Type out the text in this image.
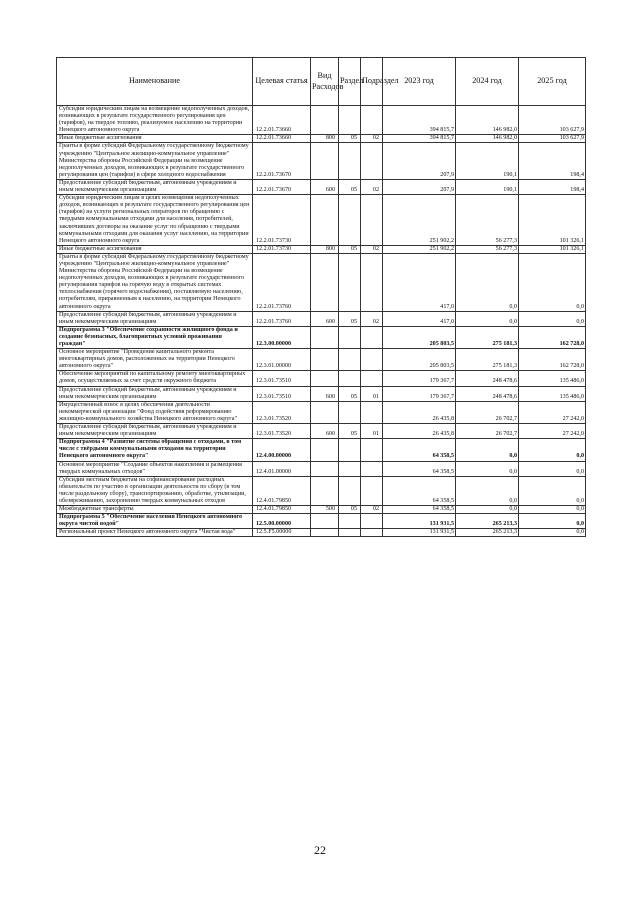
Наименование	Целевая статья	Вид Расходов	Раздел	Подраздел	2023 год	2024 год	2025 год
Субсидии юридическим лицам на возмещение недополученных доходов, возникающих в результате государственного регулирования цен (тарифов), на твердое топливо, реализуемое населению на территории Ненецкого автономного округа	12.2.01.73660				394 815,7	146 982,0	103 627,9
Иные бюджетные ассигнования	12.2.01.73660	800	05	02	394 815,7	146 982,0	103 627,9
Гранты в форме субсидий Федеральному государственному бюджетному учреждению "Центральное жилищно-коммунальное управление" Министерства обороны Российской Федерации на возмещение недополученных доходов, возникающих в результате государственного регулирования цен (тарифов) в сфере холодного водоснабжения	12.2.01.73670				207,9	190,1	198,4
Предоставление субсидий бюджетным, автономным учреждениям и иным некоммерческим организациям	12.2.01.73670	600	05	02	207,9	190,1	198,4
Субсидии юридическим лицам в целях возмещения недополученных доходов, возникающих в результате государственного регулирования цен (тарифов) на услуги региональных операторов по обращению с твердыми коммунальными отходами для населения, потребителей, заключивших договоры на оказание услуг по обращению с твердыми коммунальными отходами для оказания услуг населению, на территории Ненецкого автономного округа	12.2.01.73730				251 902,2	56 277,3	101 326,1
Иные бюджетные ассигнования	12.2.01.73730	800	05	02	251 902,2	56 277,3	101 326,1
Гранты в форме субсидий Федеральному государственному бюджетному учреждению "Центральное жилищно-коммунальное управление" Министерства обороны Российской Федерации на возмещение недополученных доходов, возникающих в результате государственного регулирования тарифов на горячую воду в открытых системах теплоснабжения (горячего водоснабжения), поставляемую населению, потребителям, приравненным к населению, на территории Ненецкого автономного округа	12.2.01.73760				417,0	0,0	0,0
Предоставление субсидий бюджетным, автономным учреждениям и иным некоммерческим организациям	12.2.01.73760	600	05	02	417,0	0,0	0,0
Подпрограмма 3 "Обеспечение сохранности жилищного фонда и создание безопасных, благоприятных условий проживания граждан"	12.3.00.00000				205 803,5	275 181,3	162 728,0
Основное мероприятие "Проведение капитального ремонта многоквартирных домов, расположенных на территории Ненецкого автономного округа"	12.3.01.00000				205 803,5	275 181,3	162 728,0
Обеспечение мероприятий по капитальному ремонту многоквартирных домов, осуществляемых за счет средств окружного бюджета	12.3.01.73510				179 367,7	248 478,6	135 486,0
Предоставление субсидий бюджетным, автономным учреждениям и иным некоммерческим организациям	12.3.01.73510	600	05	01	179 367,7	248 478,6	135 486,0
Имущественный взнос в целях обеспечения деятельности некоммерческой организации "Фонд содействия реформированию жилищно-коммунального хозяйства Ненецкого автономного округа"	12.3.01.73520				26 435,8	26 702,7	27 242,0
Предоставление субсидий бюджетным, автономным учреждениям и иным некоммерческим организациям	12.3.01.73520	600	05	01	26 435,8	26 702,7	27 242,0
Подпрограмма 4 "Развитие системы обращения с отходами, в том числе с твёрдыми коммунальными отходами на территории Ненецкого автономного округа"	12.4.00.00000				64 358,5	0,0	0,0
Основное мероприятие "Создание объектов накопления и размещения твердых коммунальных отходов"	12.4.01.00000				64 358,5	0,0	0,0
Субсидии местным бюджетам на софинансирование расходных обязательств по участию в организации деятельности по сбору (в том числе раздельному сбору), транспортированию, обработке, утилизации, обезвреживанию, захоронению твердых коммунальных отходов	12.4.01.79850				64 358,5	0,0	0,0
Межбюджетные трансферты	12.4.01.79850	500	05	02	64 358,5	0,0	0,0
Подпрограмма 5 "Обеспечение населения Ненецкого автономного округа чистой водой"	12.5.00.00000				131 931,5	265 213,3	0,0
Региональный проект Ненецкого автономного округа "Чистая вода"	12.5.F5.00000				131 931,5	265 213,3	0,0
22
